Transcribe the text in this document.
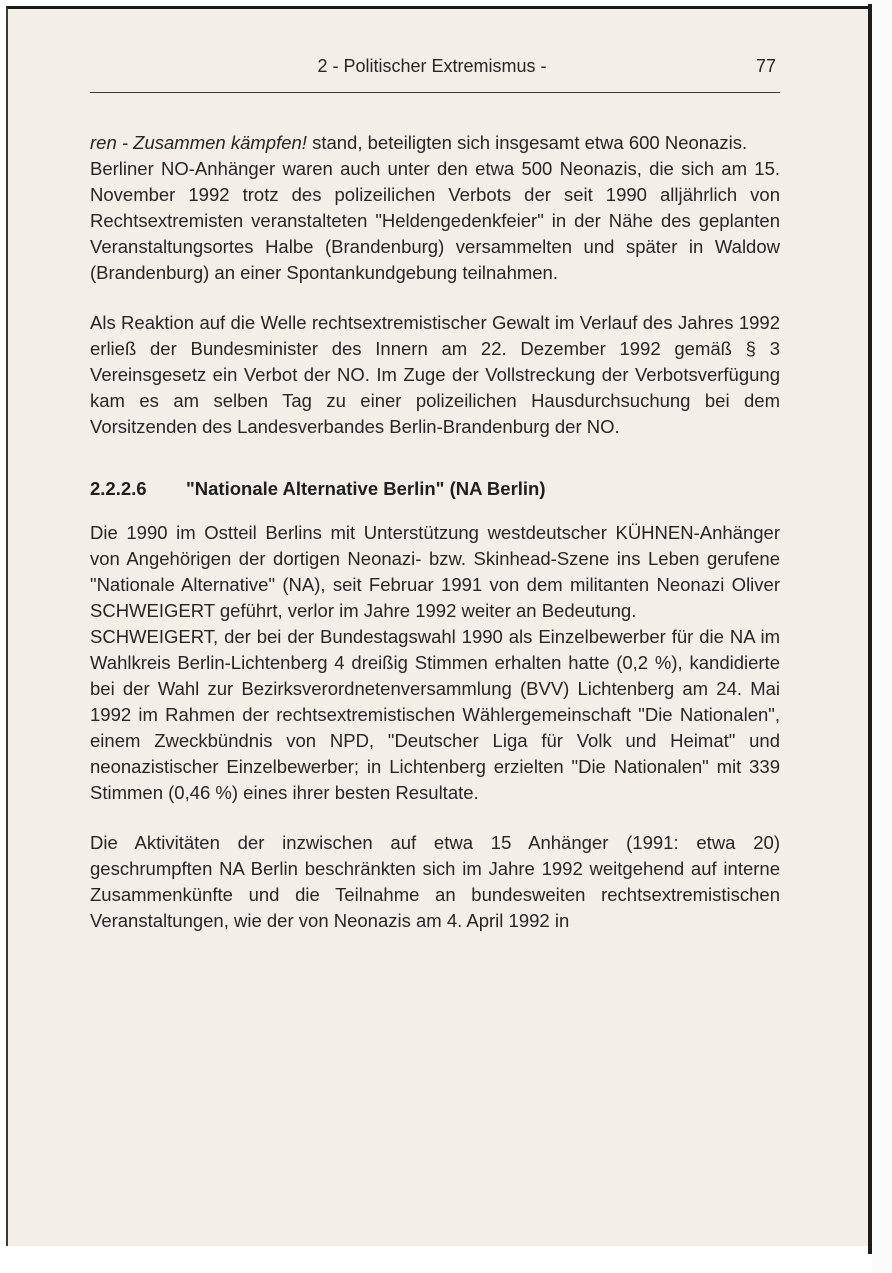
2 - Politischer Extremismus -	77

ren - Zusammen kämpfen! stand, beteiligten sich insgesamt etwa 600 Neonazis.

Berliner NO-Anhänger waren auch unter den etwa 500 Neonazis, die sich am 15. November 1992 trotz des polizeilichen Verbots der seit 1990 alljährlich von Rechtsextremisten veranstalteten "Heldengedenkfeier" in der Nähe des geplanten Veranstaltungsortes Halbe (Brandenburg) versammelten und später in Waldow (Brandenburg) an einer Spontankundgebung teilnahmen.

Als Reaktion auf die Welle rechtsextremistischer Gewalt im Verlauf des Jahres 1992 erließ der Bundesminister des Innern am 22. Dezember 1992 gemäß § 3 Vereinsgesetz ein Verbot der NO. Im Zuge der Vollstreckung der Verbotsverfügung kam es am selben Tag zu einer polizeilichen Hausdurchsuchung bei dem Vorsitzenden des Landesverbandes Berlin-Brandenburg der NO.

2.2.2.6 "Nationale Alternative Berlin" (NA Berlin)

Die 1990 im Ostteil Berlins mit Unterstützung westdeutscher KÜHNEN-Anhänger von Angehörigen der dortigen Neonazi- bzw. Skinhead-Szene ins Leben gerufene "Nationale Alternative" (NA), seit Februar 1991 von dem militanten Neonazi Oliver SCHWEIGERT geführt, verlor im Jahre 1992 weiter an Bedeutung.

SCHWEIGERT, der bei der Bundestagswahl 1990 als Einzelbewerber für die NA im Wahlkreis Berlin-Lichtenberg 4 dreißig Stimmen erhalten hatte (0,2 %), kandidierte bei der Wahl zur Bezirksverordnetenversammlung (BVV) Lichtenberg am 24. Mai 1992 im Rahmen der rechtsextremistischen Wählergemeinschaft "Die Nationalen", einem Zweckbündnis von NPD, "Deutscher Liga für Volk und Heimat" und neonazistischer Einzelbewerber; in Lichtenberg erzielten "Die Nationalen" mit 339 Stimmen (0,46 %) eines ihrer besten Resultate.

Die Aktivitäten der inzwischen auf etwa 15 Anhänger (1991: etwa 20) geschrumpften NA Berlin beschränkten sich im Jahre 1992 weitgehend auf interne Zusammenkünfte und die Teilnahme an bundesweiten rechtsextremistischen Veranstaltungen, wie der von Neonazis am 4. April 1992 in
